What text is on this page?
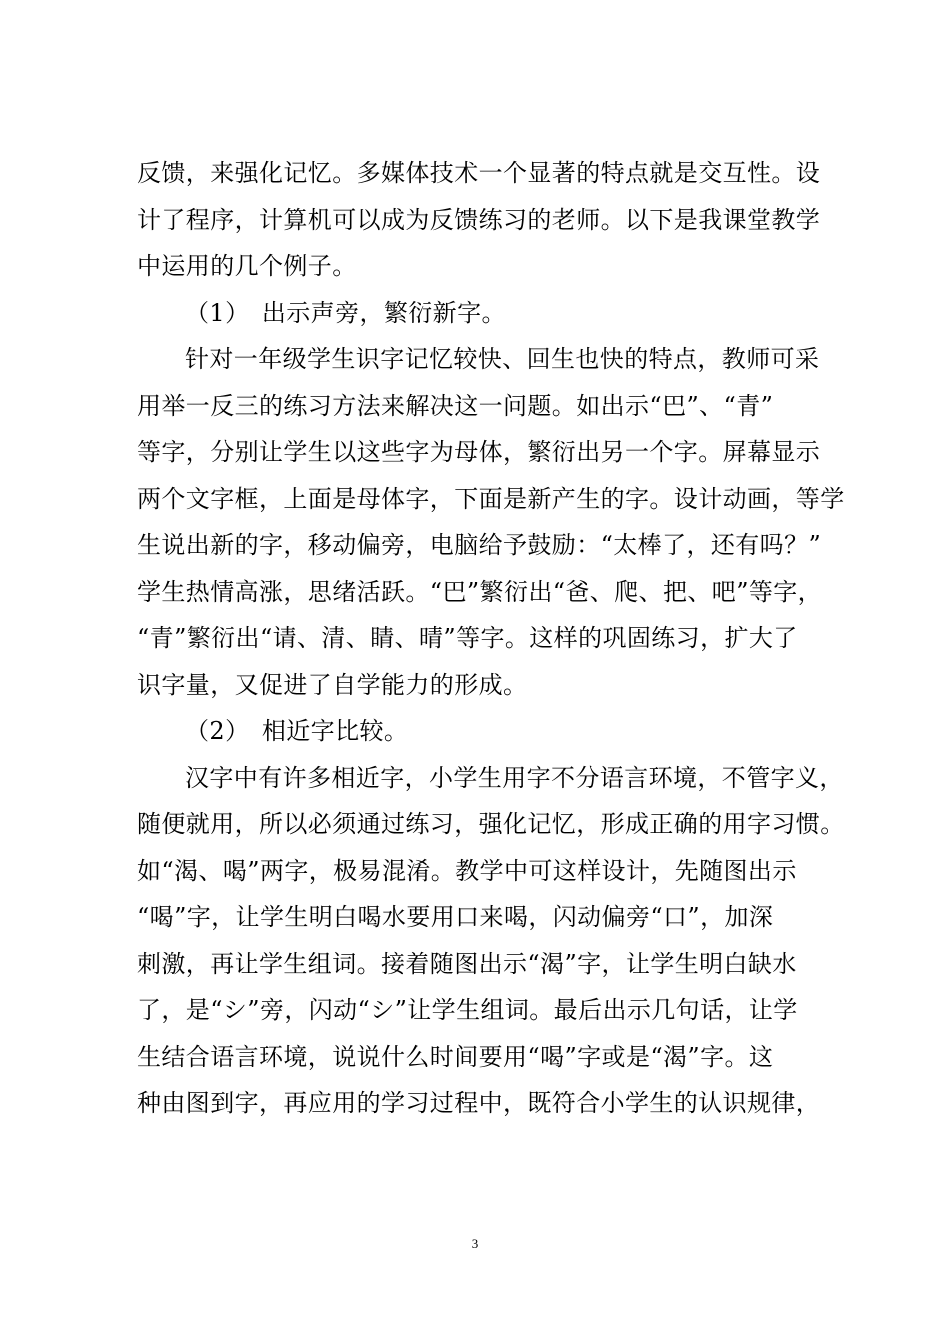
反馈，来强化记忆。多媒体技术一个显著的特点就是交互性。设
计了程序，计算机可以成为反馈练习的老师。以下是我课堂教学
中运用的几个例子。
（1）　出示声旁，繁衍新字。
针对一年级学生识字记忆较快、回生也快的特点，教师可采
用举一反三的练习方法来解决这一问题。如出示“巴”、“青”
等字，分别让学生以这些字为母体，繁衍出另一个字。屏幕显示
两个文字框，上面是母体字，下面是新产生的字。设计动画，等学
生说出新的字，移动偏旁，电脑给予鼓励：“太棒了，还有吗？”
学生热情高涨，思绪活跃。“巴”繁衍出“爸、爬、把、吧”等字，
“青”繁衍出“请、清、睛、晴”等字。这样的巩固练习，扩大了
识字量，又促进了自学能力的形成。
（2）　相近字比较。
汉字中有许多相近字，小学生用字不分语言环境，不管字义，
随便就用，所以必须通过练习，强化记忆，形成正确的用字习惯。
如“渴、喝”两字，极易混淆。教学中可这样设计，先随图出示
“喝”字，让学生明白喝水要用口来喝，闪动偏旁“口”，加深
刺激，再让学生组词。接着随图出示“渴”字，让学生明白缺水
了，是“シ”旁，闪动“シ”让学生组词。最后出示几句话，让学
生结合语言环境，说说什么时间要用“喝”字或是“渴”字。这
种由图到字，再应用的学习过程中，既符合小学生的认识规律，
3
